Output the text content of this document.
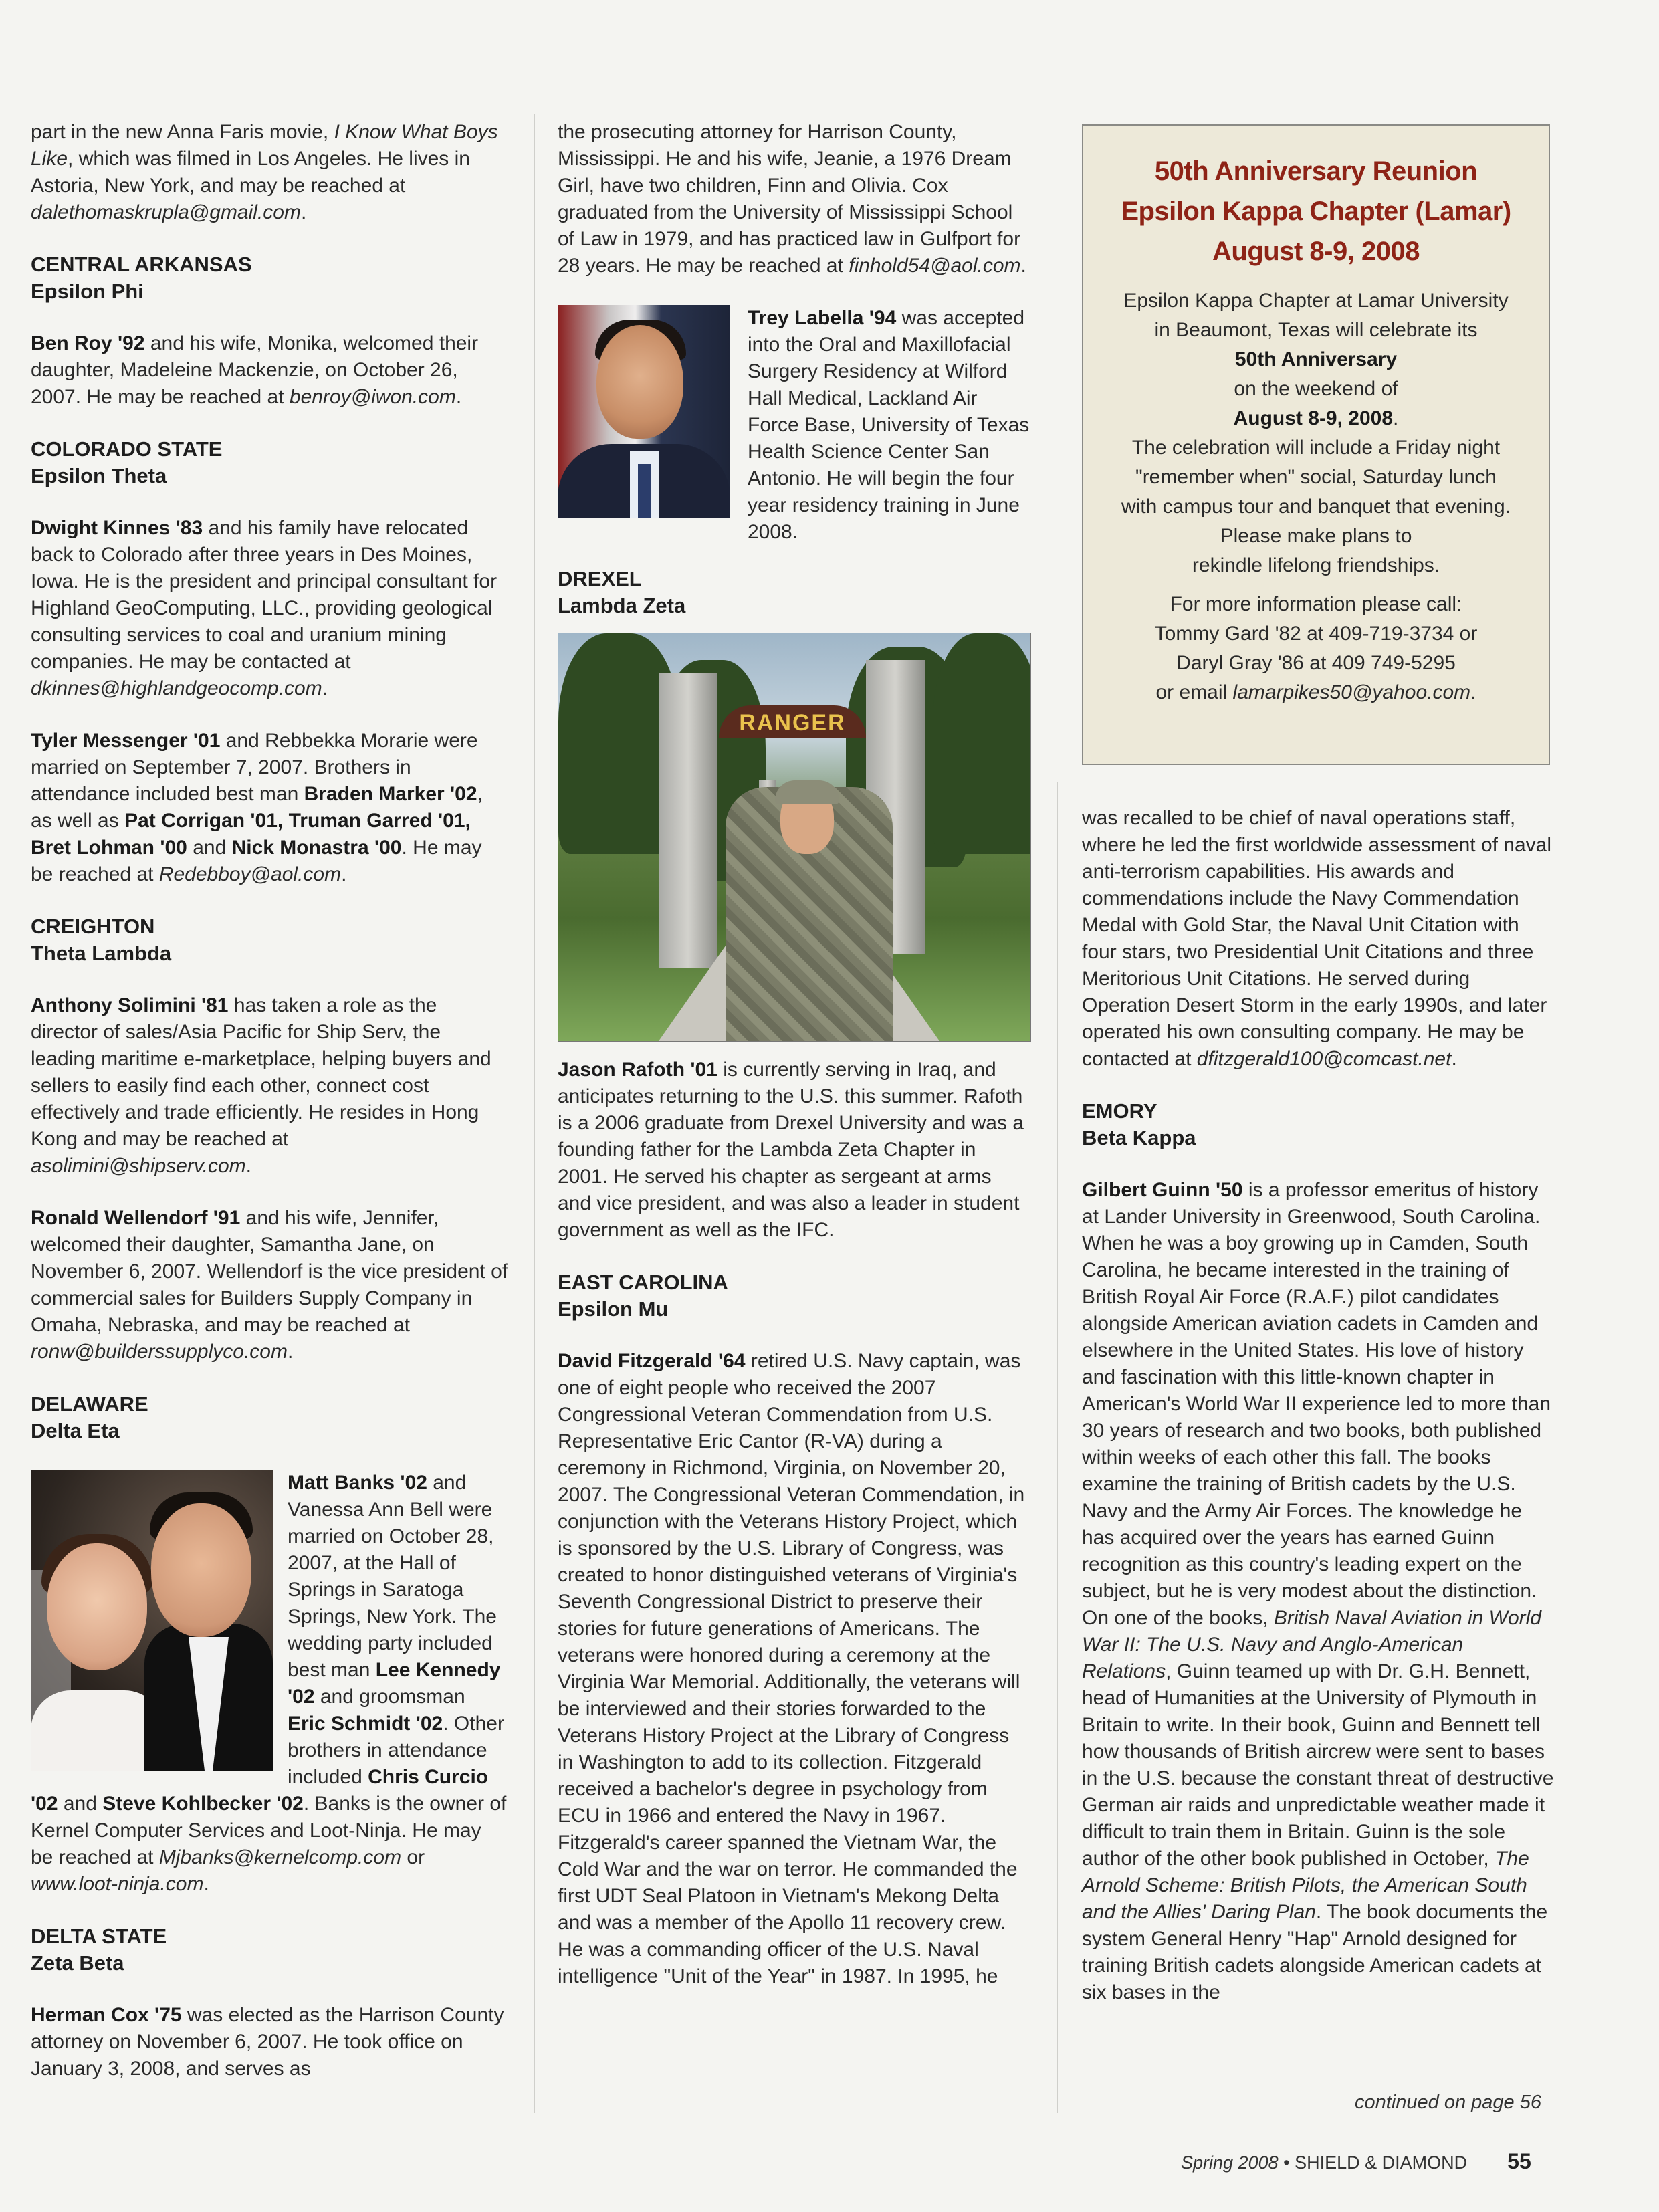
part in the new Anna Faris movie, I Know What Boys Like, which was filmed in Los Angeles. He lives in Astoria, New York, and may be reached at dalethomaskrupla@gmail.com.

CENTRAL ARKANSAS
Epsilon Phi

Ben Roy '92 and his wife, Monika, welcomed their daughter, Madeleine Mackenzie, on October 26, 2007. He may be reached at benroy@iwon.com.

COLORADO STATE
Epsilon Theta

Dwight Kinnes '83 and his family have relocated back to Colorado after three years in Des Moines, Iowa. He is the president and principal consultant for Highland GeoComputing, LLC., providing geological consulting services to coal and uranium mining companies. He may be contacted at dkinnes@highlandgeocomp.com.

Tyler Messenger '01 and Rebbekka Morarie were married on September 7, 2007. Brothers in attendance included best man Braden Marker '02, as well as Pat Corrigan '01, Truman Garred '01, Bret Lohman '00 and Nick Monastra '00. He may be reached at Redebboy@aol.com.

CREIGHTON
Theta Lambda

Anthony Solimini '81 has taken a role as the director of sales/Asia Pacific for Ship Serv, the leading maritime e-marketplace, helping buyers and sellers to easily find each other, connect cost effectively and trade efficiently. He resides in Hong Kong and may be reached at asolimini@shipserv.com.

Ronald Wellendorf '91 and his wife, Jennifer, welcomed their daughter, Samantha Jane, on November 6, 2007. Wellendorf is the vice president of commercial sales for Builders Supply Company in Omaha, Nebraska, and may be reached at ronw@builderssupplyco.com.

DELAWARE
Delta Eta

Matt Banks '02 and Vanessa Ann Bell were married on October 28, 2007, at the Hall of Springs in Saratoga Springs, New York. The wedding party included best man Lee Kennedy '02 and groomsman Eric Schmidt '02. Other brothers in attendance included Chris Curcio '02 and Steve Kohlbecker '02. Banks is the owner of Kernel Computer Services and Loot-Ninja. He may be reached at Mjbanks@kernelcomp.com or www.loot-ninja.com.

DELTA STATE
Zeta Beta

Herman Cox '75 was elected as the Harrison County attorney on November 6, 2007. He took office on January 3, 2008, and serves as

the prosecuting attorney for Harrison County, Mississippi. He and his wife, Jeanie, a 1976 Dream Girl, have two children, Finn and Olivia. Cox graduated from the University of Mississippi School of Law in 1979, and has practiced law in Gulfport for 28 years. He may be reached at finhold54@aol.com.

Trey Labella '94 was accepted into the Oral and Maxillofacial Surgery Residency at Wilford Hall Medical, Lackland Air Force Base, University of Texas Health Science Center San Antonio. He will begin the four year residency training in June 2008.

DREXEL
Lambda Zeta
RANGER

Jason Rafoth '01 is currently serving in Iraq, and anticipates returning to the U.S. this summer. Rafoth is a 2006 graduate from Drexel University and was a founding father for the Lambda Zeta Chapter in 2001. He served his chapter as sergeant at arms and vice president, and was also a leader in student government as well as the IFC.

EAST CAROLINA
Epsilon Mu

David Fitzgerald '64 retired U.S. Navy captain, was one of eight people who received the 2007 Congressional Veteran Commendation from U.S. Representative Eric Cantor (R-VA) during a ceremony in Richmond, Virginia, on November 20, 2007. The Congressional Veteran Commendation, in conjunction with the Veterans History Project, which is sponsored by the U.S. Library of Congress, was created to honor distinguished veterans of Virginia's Seventh Congressional District to preserve their stories for future generations of Americans. The veterans were honored during a ceremony at the Virginia War Memorial. Additionally, the veterans will be interviewed and their stories forwarded to the Veterans History Project at the Library of Congress in Washington to add to its collection. Fitzgerald received a bachelor's degree in psychology from ECU in 1966 and entered the Navy in 1967. Fitzgerald's career spanned the Vietnam War, the Cold War and the war on terror. He commanded the first UDT Seal Platoon in Vietnam's Mekong Delta and was a member of the Apollo 11 recovery crew. He was a commanding officer of the U.S. Naval intelligence "Unit of the Year" in 1987. In 1995, he

50th Anniversary Reunion
Epsilon Kappa Chapter (Lamar)
August 8-9, 2008
Epsilon Kappa Chapter at Lamar University
in Beaumont, Texas will celebrate its
50th Anniversary
on the weekend of
August 8-9, 2008.
The celebration will include a Friday night
"remember when" social, Saturday lunch
with campus tour and banquet that evening.
Please make plans to
rekindle lifelong friendships.
For more information please call:
Tommy Gard '82 at 409-719-3734 or
Daryl Gray '86 at 409 749-5295
or email lamarpikes50@yahoo.com.

was recalled to be chief of naval operations staff, where he led the first worldwide assessment of naval anti-terrorism capabilities. His awards and commendations include the Navy Commendation Medal with Gold Star, the Naval Unit Citation with four stars, two Presidential Unit Citations and three Meritorious Unit Citations. He served during Operation Desert Storm in the early 1990s, and later operated his own consulting company. He may be contacted at dfitzgerald100@comcast.net.

EMORY
Beta Kappa

Gilbert Guinn '50 is a professor emeritus of history at Lander University in Greenwood, South Carolina. When he was a boy growing up in Camden, South Carolina, he became interested in the training of British Royal Air Force (R.A.F.) pilot candidates alongside American aviation cadets in Camden and elsewhere in the United States. His love of history and fascination with this little-known chapter in American's World War II experience led to more than 30 years of research and two books, both published within weeks of each other this fall. The books examine the training of British cadets by the U.S. Navy and the Army Air Forces. The knowledge he has acquired over the years has earned Guinn recognition as this country's leading expert on the subject, but he is very modest about the distinction. On one of the books, British Naval Aviation in World War II: The U.S. Navy and Anglo-American Relations, Guinn teamed up with Dr. G.H. Bennett, head of Humanities at the University of Plymouth in Britain to write. In their book, Guinn and Bennett tell how thousands of British aircrew were sent to bases in the U.S. because the constant threat of destructive German air raids and unpredictable weather made it difficult to train them in Britain. Guinn is the sole author of the other book published in October, The Arnold Scheme: British Pilots, the American South and the Allies' Daring Plan. The book documents the system General Henry "Hap" Arnold designed for training British cadets alongside American cadets at six bases in the

continued on page 56
Spring 2008 • SHIELD & DIAMOND 55
